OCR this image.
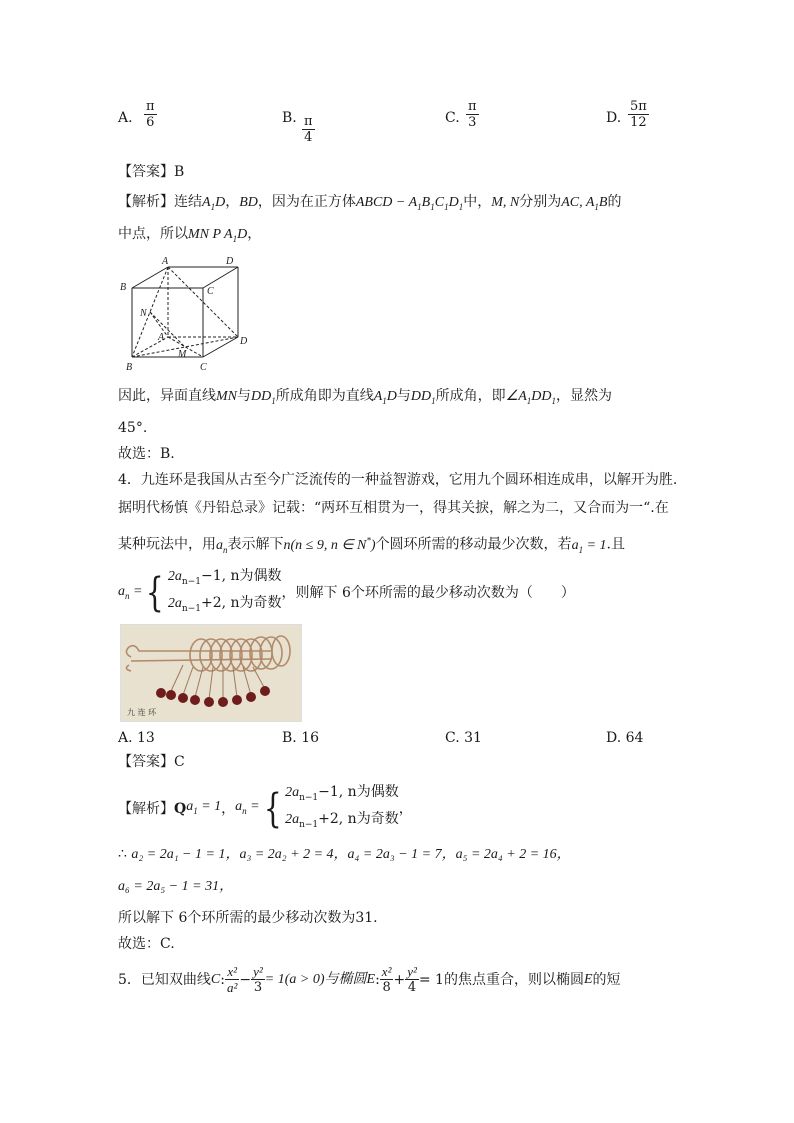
A. $\frac{\pi}{6}$	B. $\frac{\pi}{4}$	C. $\frac{\pi}{3}$	D. $\frac{5\pi}{12}$
【答案】B
【解析】连结$A_1D$，BD，因为在正方体ABCD − $A_1B_1C_1D_1$中，M, N分别为AC, $A_1B$的
中点，所以MN P $A_1D$，
A	D
B	C
N
A	D
B
M
C
因此，异面直线MN与$DD_1$所成角即为直线$A_1D$与$DD_1$所成角，即$\angle A_1DD_1$，显然为
45°.
故选：B.
4．九连环是我国从古至今广泛流传的一种益智游戏，它用九个圆环相连成串，以解开为胜.
据明代杨慎《丹铅总录》记载：“两环互相贯为一，得其关捩，解之为二，又合而为一“.在
某种玩法中，用$a_n$表示解下n(n ≤ 9, n ∈ N*)个圆环所需的移动最少次数，若$a_1 = 1$.且
$a_n$ = { $2a_{n-1}-1$, n为偶数
$2a_{n-1}+2$, n为奇数
，则解下 6个环所需的最少移动次数为（　　）
九 连 环
A. 13	B. 16	C. 31	D. 64
【答案】C
【解析】 Q $a_1 = 1$ ， $a_n$ = { $2a_{n-1}-1$, n为偶数
$2a_{n-1}+2$, n为奇数
，
∴ a₂ = 2a₁ − 1 = 1，a₃ = 2a₂ + 2 = 4，a₄ = 2a₃ − 1 = 7，a₅ = 2a₄ + 2 = 16，
a₆ = 2a₅ − 1 = 31，
所以解下 6个环所需的最少移动次数为31.
故选：C.
5．已知双曲线 C : $\frac{\text{x²}}{\text{a²}} - \frac{\text{y²}}{3} = 1(a > 0)$与椭圆 E : $\frac{\text{x²}}{8} + \frac{\text{y²}}{4} = 1$的焦点重合，则以椭圆 E 的短
